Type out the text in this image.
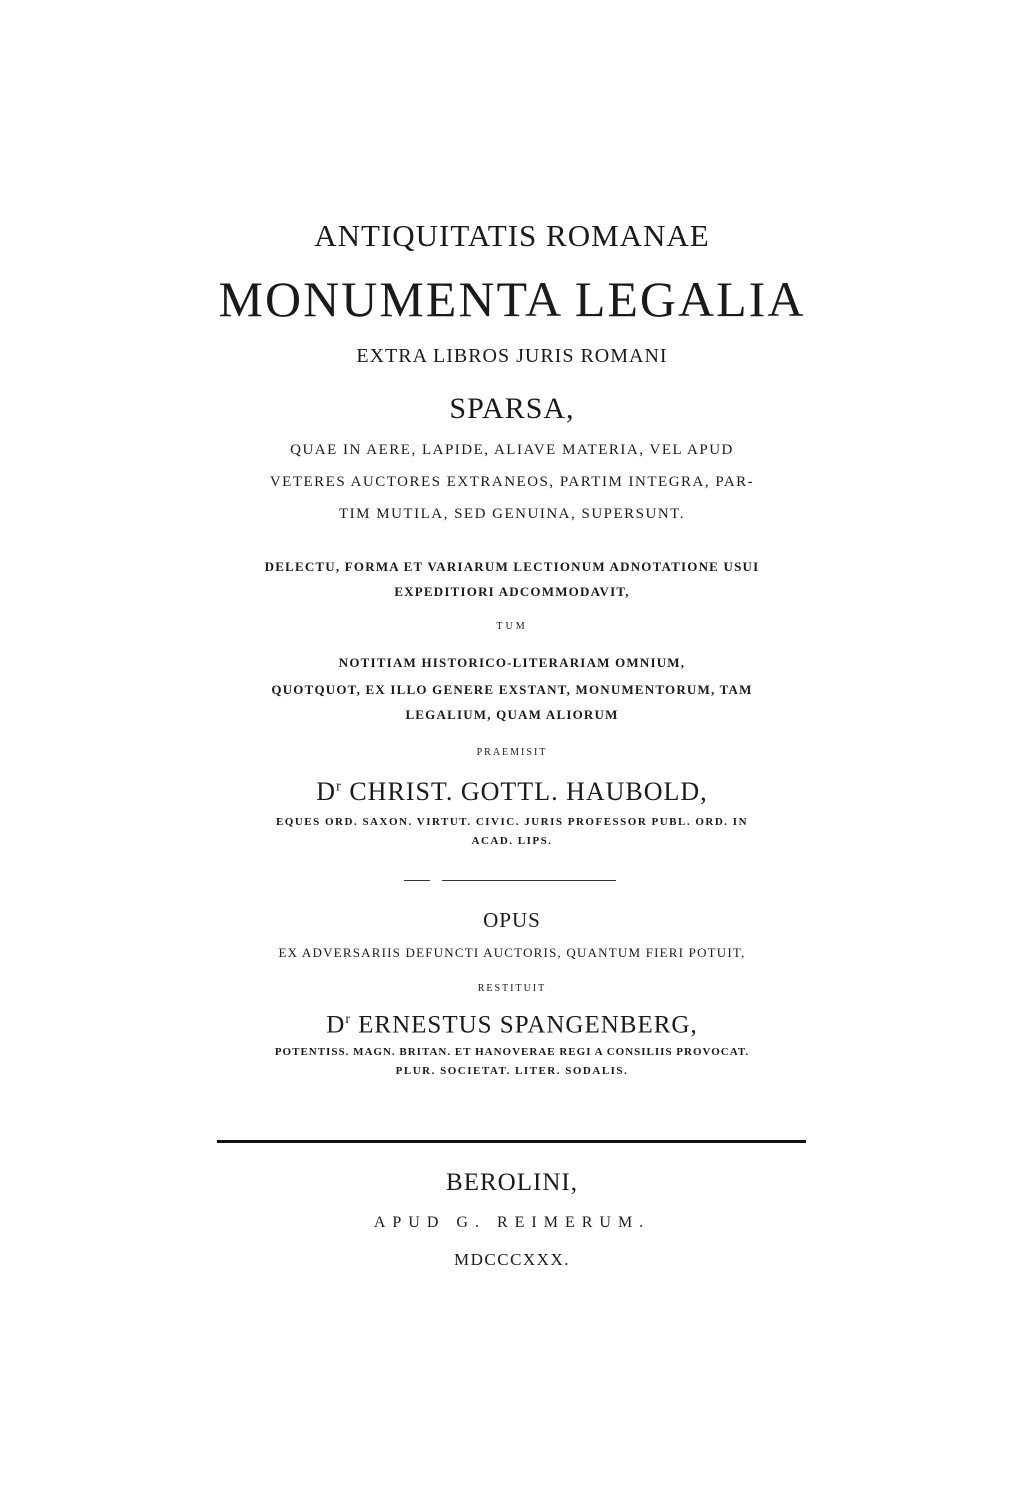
ANTIQUITATIS ROMANAE
MONUMENTA LEGALIA
EXTRA LIBROS JURIS ROMANI
SPARSA,
QUAE IN AERE, LAPIDE, ALIAVE MATERIA, VEL APUD
VETERES AUCTORES EXTRANEOS, PARTIM INTEGRA, PAR-
TIM MUTILA, SED GENUINA, SUPERSUNT.
DELECTU, FORMA ET VARIARUM LECTIONUM ADNOTATIONE USUI
EXPEDITIORI ADCOMMODAVIT,
TUM
NOTITIAM HISTORICO-LITERARIAM OMNIUM,
QUOTQUOT, EX ILLO GENERE EXSTANT, MONUMENTORUM, TAM
LEGALIUM, QUAM ALIORUM
PRAEMISIT
$D^r$ CHRIST. GOTTL. HAUBOLD,
EQUES ORD. SAXON. VIRTUT. CIVIC. JURIS PROFESSOR PUBL. ORD. IN
ACAD. LIPS.
OPUS
EX ADVERSARIIS DEFUNCTI AUCTORIS, QUANTUM FIERI POTUIT,
RESTITUIT
$D^r$ ERNESTUS SPANGENBERG,
POTENTISS. MAGN. BRITAN. ET HANOVERAE REGI A CONSILIIS PROVOCAT.
PLUR. SOCIETAT. LITER. SODALIS.
BEROLINI,
APUD G. REIMERUM.
MDCCCXXX.
